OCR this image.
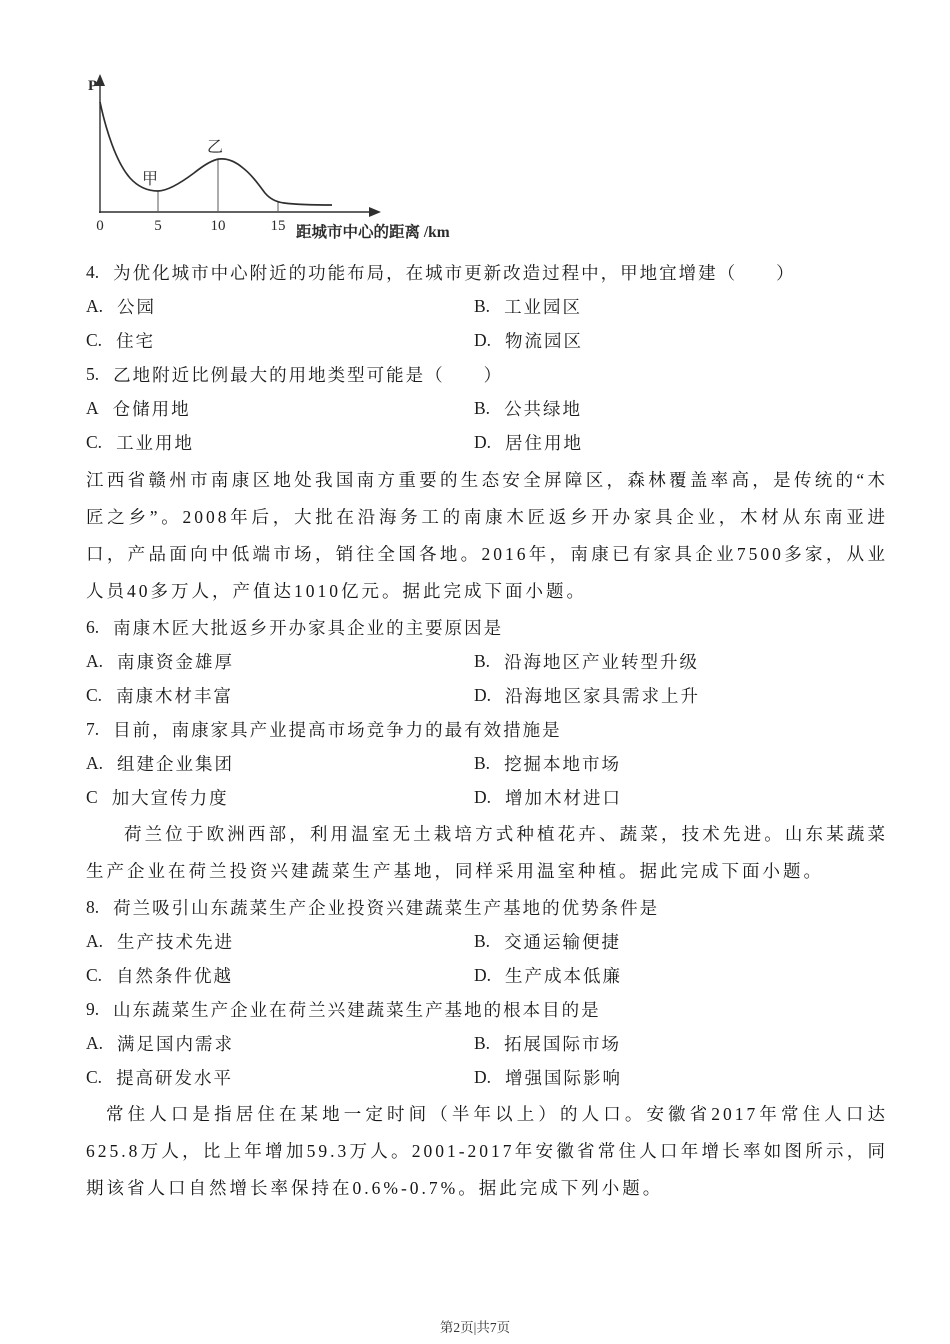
P
甲
乙
0	5	10	15 距城市中心的距离 /km
4. 为优化城市中心附近的功能布局，在城市更新改造过程中，甲地宜增建（　　）
A. 公园	B. 工业园区
C. 住宅	D. 物流园区
5. 乙地附近比例最大的用地类型可能是（　　）
A 仓储用地	B. 公共绿地
C. 工业用地	D. 居住用地

江西省赣州市南康区地处我国南方重要的生态安全屏障区，森林覆盖率高，是传统的“木匠之乡”。2008年后，大批在沿海务工的南康木匠返乡开办家具企业，木材从东南亚进口，产品面向中低端市场，销往全国各地。2016年，南康已有家具企业7500多家，从业人员40多万人，产值达1010亿元。据此完成下面小题。

6. 南康木匠大批返乡开办家具企业的主要原因是
A. 南康资金雄厚	B. 沿海地区产业转型升级
C. 南康木材丰富	D. 沿海地区家具需求上升
7. 目前，南康家具产业提高市场竞争力的最有效措施是
A. 组建企业集团	B. 挖掘本地市场
C 加大宣传力度	D. 增加木材进口

荷兰位于欧洲西部，利用温室无土栽培方式种植花卉、蔬菜，技术先进。山东某蔬菜生产企业在荷兰投资兴建蔬菜生产基地，同样采用温室种植。据此完成下面小题。

8. 荷兰吸引山东蔬菜生产企业投资兴建蔬菜生产基地的优势条件是
A. 生产技术先进	B. 交通运输便捷
C. 自然条件优越	D. 生产成本低廉
9. 山东蔬菜生产企业在荷兰兴建蔬菜生产基地的根本目的是
A. 满足国内需求	B. 拓展国际市场
C. 提高研发水平	D. 增强国际影响

常住人口是指居住在某地一定时间（半年以上）的人口。安徽省2017年常住人口达625.8万人，比上年增加59.3万人。2001-2017年安徽省常住人口年增长率如图所示，同期该省人口自然增长率保持在0.6%-0.7%。据此完成下列小题。

第2页|共7页
